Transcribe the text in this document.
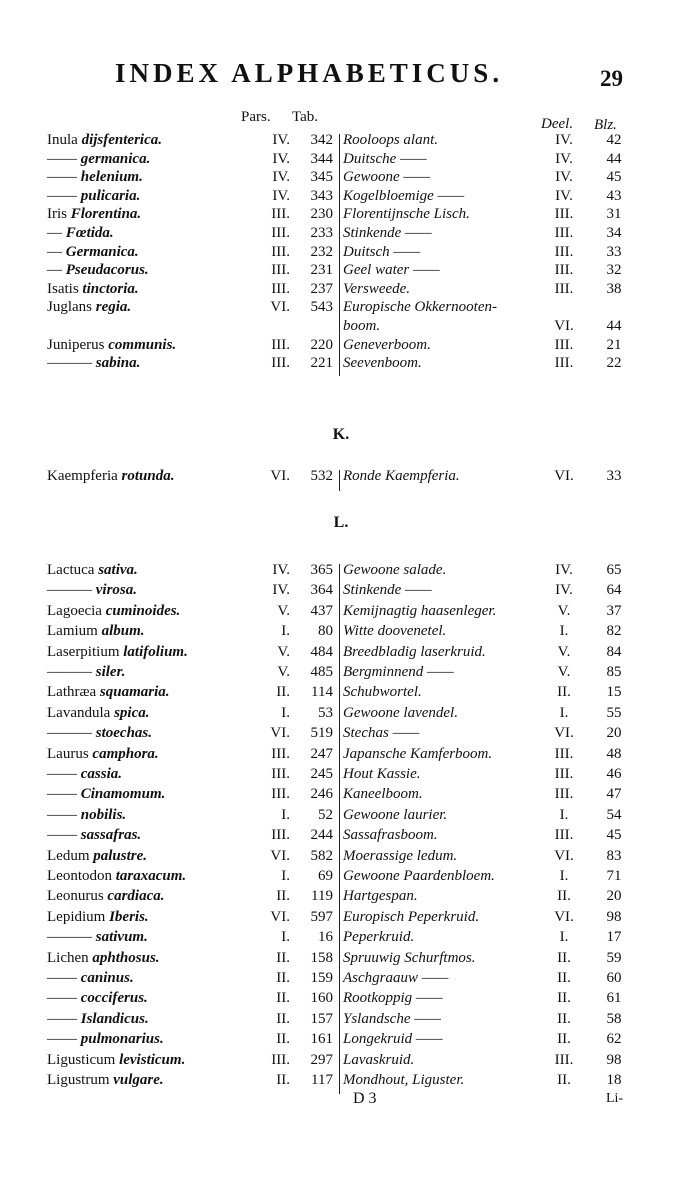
INDEX ALPHABETICUS.	29
Pars. Tab.	Deel. Blz.
Inula dijsfenterica.	IV.	342 Rooloops alant.	IV.	42
—— germanica.	IV.	344 Duitsche ——	IV.	44
—— helenium.	IV.	345 Gewoone ——	IV.	45
—— pulicaria.	IV.	343 Kogelbloemige ——	IV.	43
Iris Florentina.	III.	230 Florentijnsche Lisch.	III.	31
— Fœtida.	III.	233 Stinkende ——	III.	34
— Germanica.	III.	232 Duitsch ——	III.	33
— Pseudacorus.	III.	231 Geel water ——	III.	32
Isatis tinctoria.	III.	237 Versweede.	III.	38
Juglans regia.	VI.	543 Europische Okkernooten-
boom.	VI.	44
Juniperus communis.	III.	220 Geneverboom.	III.	21
——— sabina.	III.	221 Seevenboom.	III.	22
K.
Kaempferia rotunda.	VI.	532 Ronde Kaempferia.	VI.	33
L.
Lactuca sativa.	IV.	365 Gewoone salade.	IV.	65
——— virosa.	IV.	364 Stinkende ——	IV.	64
Lagoecia cuminoides.	V.	437 Kemijnagtig haasenleger.	V.	37
Lamium album.	I.	80 Witte doovenetel.	I.	82
Laserpitium latifolium.	V.	484 Breedbladig laserkruid.	V.	84
——— siler.	V.	485 Bergminnend ——	V.	85
Lathræa squamaria.	II.	114 Schubwortel.	II.	15
Lavandula spica.	I.	53 Gewoone lavendel.	I.	55
——— stoechas.	VI.	519 Stechas ——	VI.	20
Laurus camphora.	III.	247 Japansche Kamferboom.	III.	48
—— cassia.	III.	245 Hout Kassie.	III.	46
—— Cinamomum.	III.	246 Kaneelboom.	III.	47
—— nobilis.	I.	52 Gewoone laurier.	I.	54
—— sassafras.	III.	244 Sassafrasboom.	III.	45
Ledum palustre.	VI.	582 Moerassige ledum.	VI.	83
Leontodon taraxacum.	I.	69 Gewoone Paardenbloem.	I.	71
Leonurus cardiaca.	II.	119 Hartgespan.	II.	20
Lepidium Iberis.	VI.	597 Europisch Peperkruid.	VI.	98
——— sativum.	I.	16 Peperkruid.	I.	17
Lichen aphthosus.	II.	158 Spruuwig Schurftmos.	II.	59
—— caninus.	II.	159 Aschgraauw ——	II.	60
—— cocciferus.	II.	160 Rootkoppig ——	II.	61
—— Islandicus.	II.	157 Yslandsche ——	II.	58
—— pulmonarius.	II.	161 Longekruid ——	II.	62
Ligusticum levisticum.	III.	297 Lavaskruid.	III.	98
Ligustrum vulgare.	II.	117 Mondhout, Liguster.	II.	18
D 3	Li-
